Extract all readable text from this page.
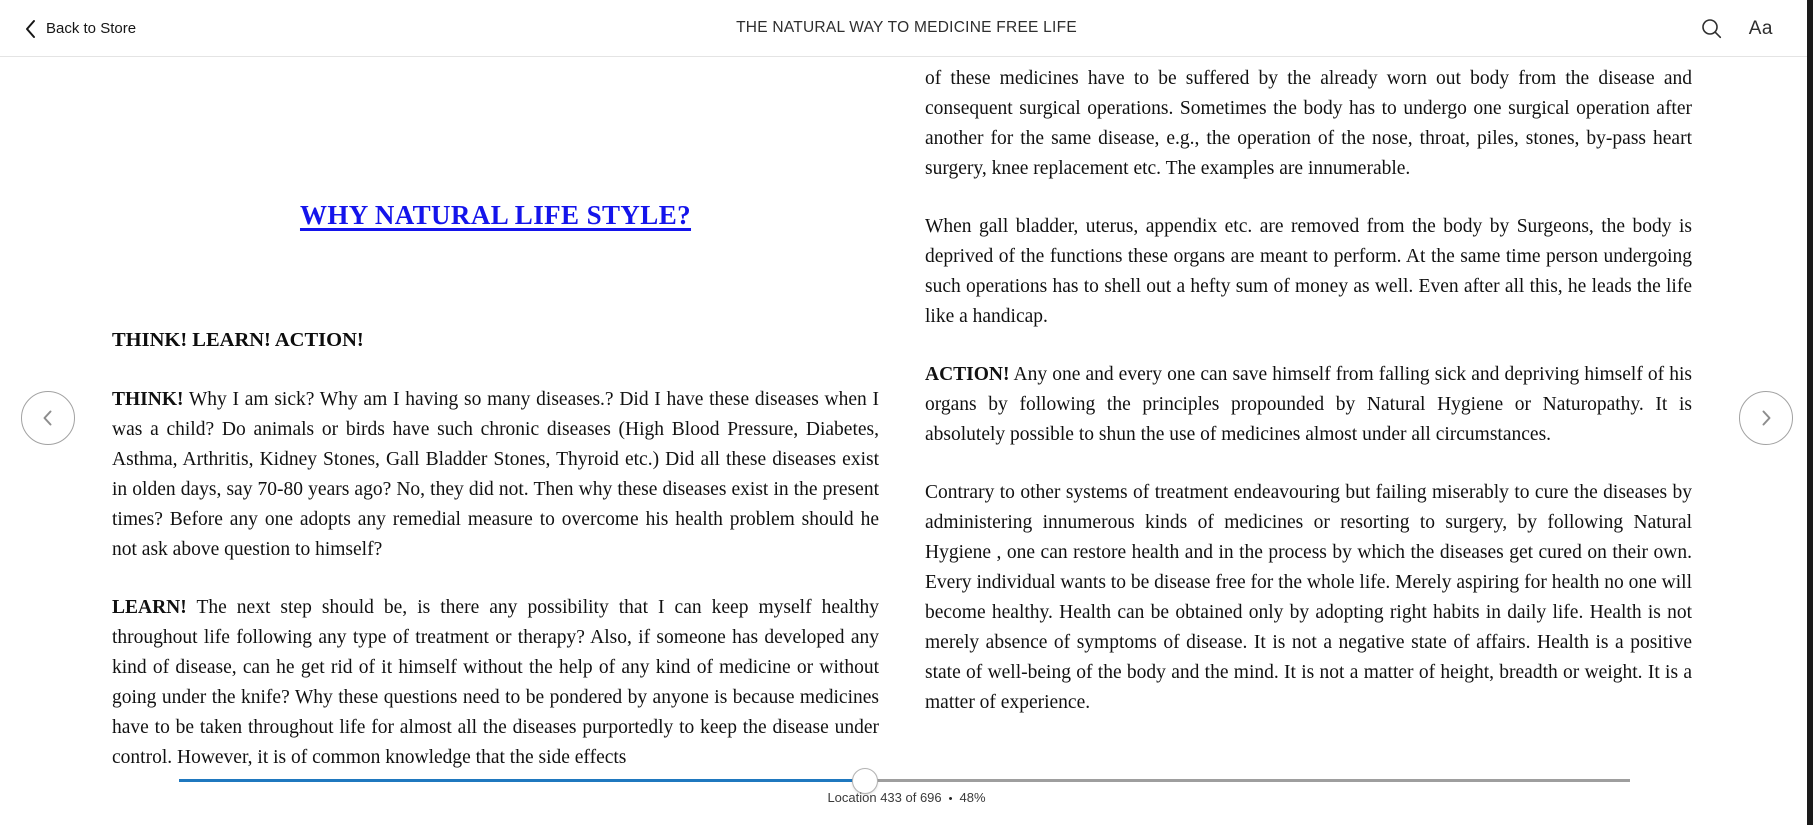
Back to Store	THE NATURAL WAY TO MEDICINE FREE LIFE	Aa
WHY NATURAL LIFE STYLE?
THINK! LEARN! ACTION!

THINK! Why I am sick? Why am I having so many diseases.? Did I have these diseases when I was a child? Do animals or birds have such chronic diseases (High Blood Pressure, Diabetes, Asthma, Arthritis, Kidney Stones, Gall Bladder Stones, Thyroid etc.) Did all these diseases exist in olden days, say 70-80 years ago? No, they did not. Then why these diseases exist in the present times? Before any one adopts any remedial measure to overcome his health problem should he not ask above question to himself?

LEARN! The next step should be, is there any possibility that I can keep myself healthy throughout life following any type of treatment or therapy? Also, if someone has developed any kind of disease, can he get rid of it himself without the help of any kind of medicine or without going under the knife? Why these questions need to be pondered by anyone is because medicines have to be taken throughout life for almost all the diseases purportedly to keep the disease under control. However, it is of common knowledge that the side effects

of these medicines have to be suffered by the already worn out body from the disease and consequent surgical operations. Sometimes the body has to undergo one surgical operation after another for the same disease, e.g., the operation of the nose, throat, piles, stones, by-pass heart surgery, knee replacement etc. The examples are innumerable.

When gall bladder, uterus, appendix etc. are removed from the body by Surgeons, the body is deprived of the functions these organs are meant to perform. At the same time person undergoing such operations has to shell out a hefty sum of money as well. Even after all this, he leads the life like a handicap.

ACTION! Any one and every one can save himself from falling sick and depriving himself of his organs by following the principles propounded by Natural Hygiene or Naturopathy. It is absolutely possible to shun the use of medicines almost under all circumstances.

Contrary to other systems of treatment endeavouring but failing miserably to cure the diseases by administering innumerous kinds of medicines or resorting to surgery, by following Natural Hygiene , one can restore health and in the process by which the diseases get cured on their own. Every individual wants to be disease free for the whole life. Merely aspiring for health no one will become healthy. Health can be obtained only by adopting right habits in daily life. Health is not merely absence of symptoms of disease. It is not a negative state of affairs. Health is a positive state of well-being of the body and the mind. It is not a matter of height, breadth or weight. It is a matter of experience.

Location 433 of 696 • 48%
